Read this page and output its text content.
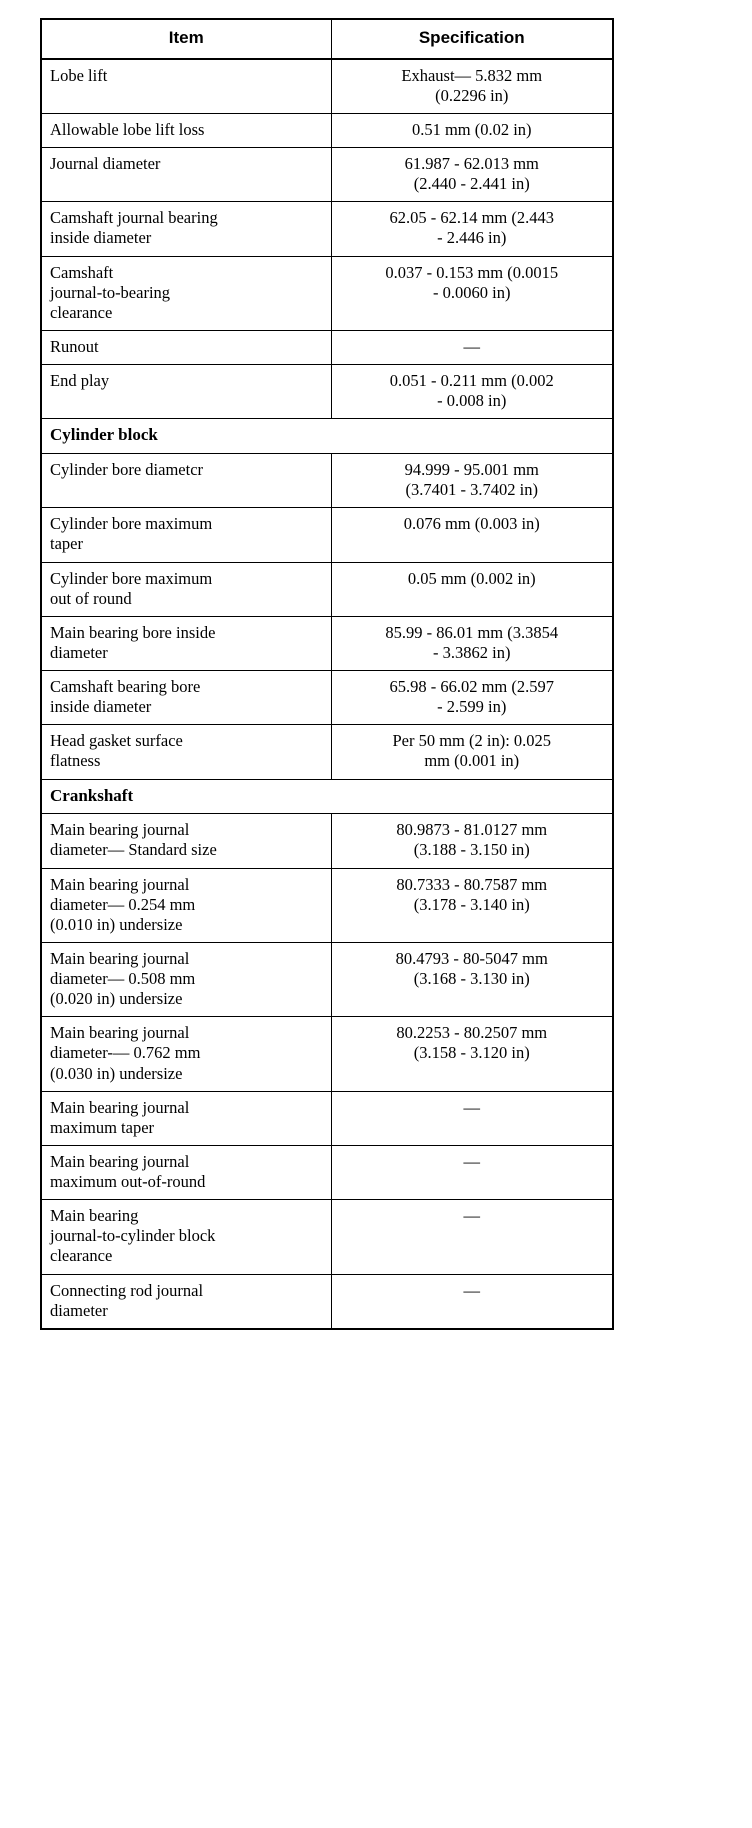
Item	Specification

Lobe lift	Exhaust— 5.832 mm
(0.2296 in)

Allowable lobe lift loss	0.51 mm (0.02 in)

Journal diameter	61.987 - 62.013 mm
(2.440 - 2.441 in)

Camshaft journal bearing
inside diameter	62.05 - 62.14 mm (2.443
- 2.446 in)

Camshaft
journal-to-bearing
clearance	0.037 - 0.153 mm (0.0015
- 0.0060 in)

Runout	—

End play	0.051 - 0.211 mm (0.002
- 0.008 in)

Cylinder block	

Cylinder bore diametcr	94.999 - 95.001 mm
(3.7401 - 3.7402 in)

Cylinder bore maximum
taper	0.076 mm (0.003 in)

Cylinder bore maximum
out of round	0.05 mm (0.002 in)

Main bearing bore inside
diameter	85.99 - 86.01 mm (3.3854
- 3.3862 in)

Camshaft bearing bore
inside diameter	65.98 - 66.02 mm (2.597
- 2.599 in)

Head gasket surface
flatness	Per 50 mm (2 in): 0.025
mm (0.001 in)

Crankshaft	

Main bearing journal
diameter— Standard size	80.9873 - 81.0127 mm
(3.188 - 3.150 in)

Main bearing journal
diameter— 0.254 mm
(0.010 in) undersize	80.7333 - 80.7587 mm
(3.178 - 3.140 in)

Main bearing journal
diameter— 0.508 mm
(0.020 in) undersize	80.4793 - 80-5047 mm
(3.168 - 3.130 in)

Main bearing journal
diameter-— 0.762 mm
(0.030 in) undersize	80.2253 - 80.2507 mm
(3.158 - 3.120 in)

Main bearing journal
maximum taper	—

Main bearing journal
maximum out-of-round	—

Main bearing
journal-to-cylinder block
clearance	—

Connecting rod journal
diameter	—
